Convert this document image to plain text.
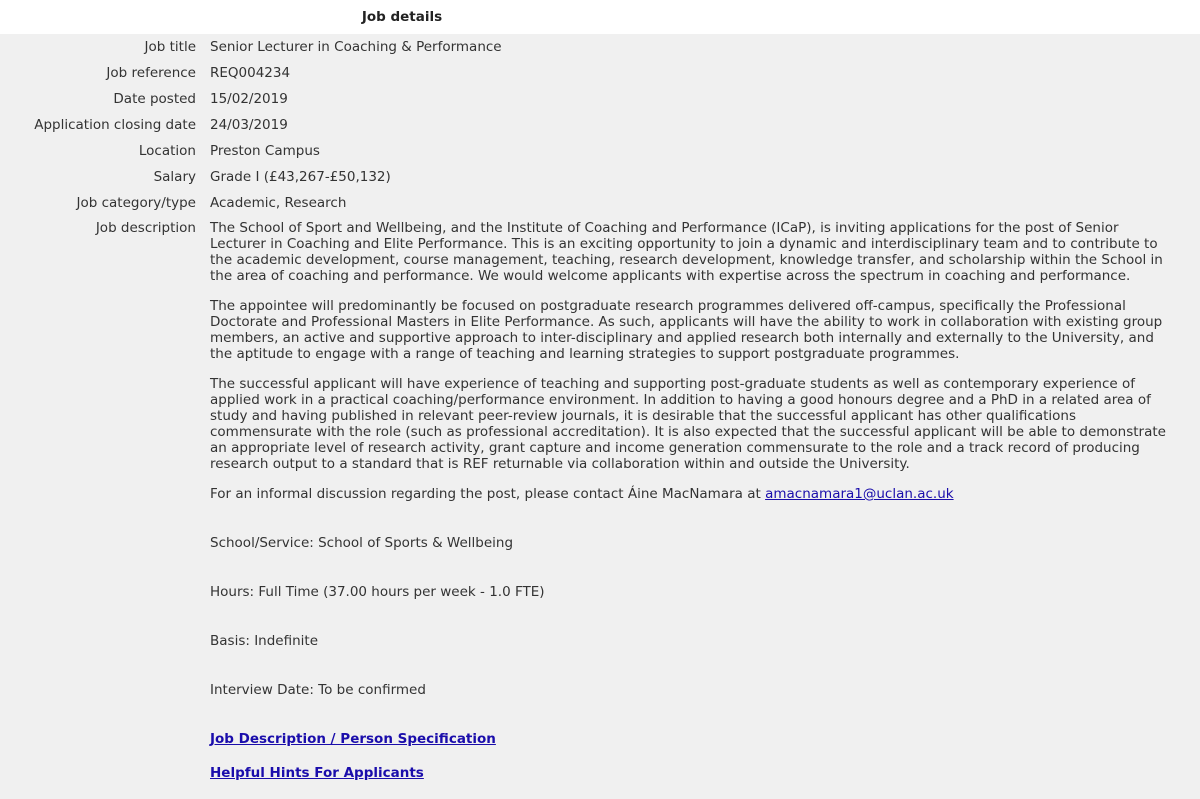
Job details
Job title	Senior Lecturer in Coaching & Performance
Job reference	REQ004234
Date posted	15/02/2019
Application closing date	24/03/2019
Location	Preston Campus
Salary	Grade I (£43,267-£50,132)
Job category/type	Academic, Research
Job description	The School of Sport and Wellbeing, and the Institute of Coaching and Performance (ICaP), is inviting applications for the post of Senior Lecturer in Coaching and Elite Performance. This is an exciting opportunity to join a dynamic and interdisciplinary team and to contribute to the academic development, course management, teaching, research development, knowledge transfer, and scholarship within the School in the area of coaching and performance. We would welcome applicants with expertise across the spectrum in coaching and performance.

The appointee will predominantly be focused on postgraduate research programmes delivered off-campus, specifically the Professional Doctorate and Professional Masters in Elite Performance. As such, applicants will have the ability to work in collaboration with existing group members, an active and supportive approach to inter-disciplinary and applied research both internally and externally to the University, and the aptitude to engage with a range of teaching and learning strategies to support postgraduate programmes.

The successful applicant will have experience of teaching and supporting post-graduate students as well as contemporary experience of applied work in a practical coaching/performance environment. In addition to having a good honours degree and a PhD in a related area of study and having published in relevant peer-review journals, it is desirable that the successful applicant has other qualifications commensurate with the role (such as professional accreditation). It is also expected that the successful applicant will be able to demonstrate an appropriate level of research activity, grant capture and income generation commensurate to the role and a track record of producing research output to a standard that is REF returnable via collaboration within and outside the University.

For an informal discussion regarding the post, please contact Áine MacNamara at amacnamara1@uclan.ac.uk

School/Service: School of Sports & Wellbeing

Hours: Full Time (37.00 hours per week - 1.0 FTE)

Basis: Indefinite

Interview Date: To be confirmed

Job Description / Person Specification
Helpful Hints For Applicants
